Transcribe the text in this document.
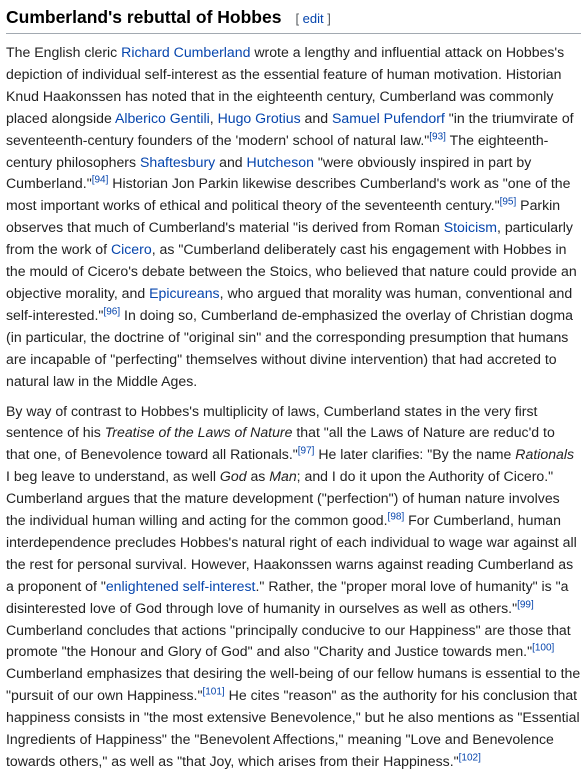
Cumberland's rebuttal of Hobbes [ edit ]

The English cleric Richard Cumberland wrote a lengthy and influential attack on Hobbes's depiction of individual self-interest as the essential feature of human motivation. Historian Knud Haakonssen has noted that in the eighteenth century, Cumberland was commonly placed alongside Alberico Gentili, Hugo Grotius and Samuel Pufendorf "in the triumvirate of seventeenth-century founders of the 'modern' school of natural law."[93] The eighteenth-century philosophers Shaftesbury and Hutcheson "were obviously inspired in part by Cumberland."[94] Historian Jon Parkin likewise describes Cumberland's work as "one of the most important works of ethical and political theory of the seventeenth century."[95] Parkin observes that much of Cumberland's material "is derived from Roman Stoicism, particularly from the work of Cicero, as "Cumberland deliberately cast his engagement with Hobbes in the mould of Cicero's debate between the Stoics, who believed that nature could provide an objective morality, and Epicureans, who argued that morality was human, conventional and self-interested."[96] In doing so, Cumberland de-emphasized the overlay of Christian dogma (in particular, the doctrine of "original sin" and the corresponding presumption that humans are incapable of "perfecting" themselves without divine intervention) that had accreted to natural law in the Middle Ages.

By way of contrast to Hobbes's multiplicity of laws, Cumberland states in the very first sentence of his Treatise of the Laws of Nature that "all the Laws of Nature are reduc'd to that one, of Benevolence toward all Rationals."[97] He later clarifies: "By the name Rationals I beg leave to understand, as well God as Man; and I do it upon the Authority of Cicero." Cumberland argues that the mature development ("perfection") of human nature involves the individual human willing and acting for the common good.[98] For Cumberland, human interdependence precludes Hobbes's natural right of each individual to wage war against all the rest for personal survival. However, Haakonssen warns against reading Cumberland as a proponent of "enlightened self-interest." Rather, the "proper moral love of humanity" is "a disinterested love of God through love of humanity in ourselves as well as others."[99] Cumberland concludes that actions "principally conducive to our Happiness" are those that promote "the Honour and Glory of God" and also "Charity and Justice towards men."[100] Cumberland emphasizes that desiring the well-being of our fellow humans is essential to the "pursuit of our own Happiness."[101] He cites "reason" as the authority for his conclusion that happiness consists in "the most extensive Benevolence," but he also mentions as "Essential Ingredients of Happiness" the "Benevolent Affections," meaning "Love and Benevolence towards others," as well as "that Joy, which arises from their Happiness."[102]
